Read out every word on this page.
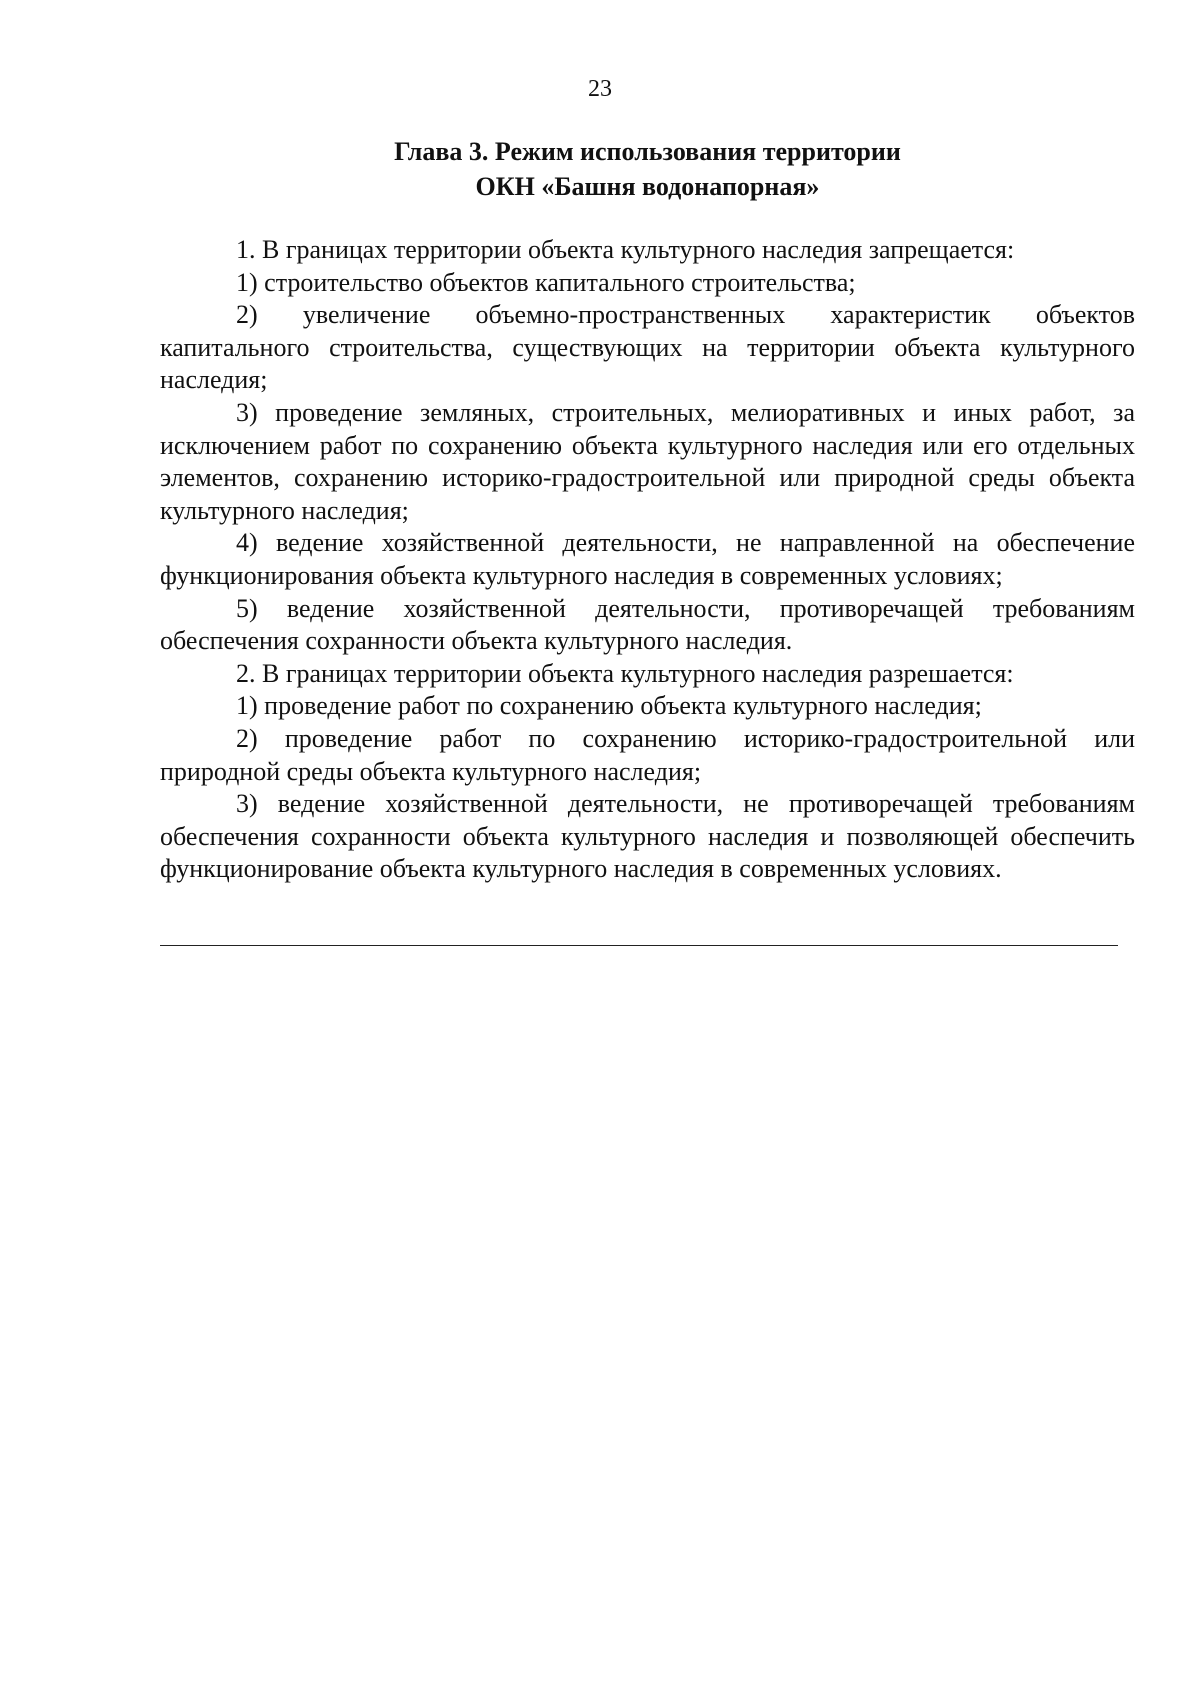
23
Глава 3. Режим использования территории
ОКН «Башня водонапорная»

1. В границах территории объекта культурного наследия запрещается:

1) строительство объектов капитального строительства;

2) увеличение объемно-пространственных характеристик объектов капитального строительства, существующих на территории объекта культурного наследия;

3) проведение земляных, строительных, мелиоративных и иных работ, за исключением работ по сохранению объекта культурного наследия или его отдельных элементов, сохранению историко-градостроительной или природной среды объекта культурного наследия;

4) ведение хозяйственной деятельности, не направленной на обеспечение функционирования объекта культурного наследия в современных условиях;

5) ведение хозяйственной деятельности, противоречащей требованиям обеспечения сохранности объекта культурного наследия.

2. В границах территории объекта культурного наследия разрешается:

1) проведение работ по сохранению объекта культурного наследия;

2) проведение работ по сохранению историко-градостроительной или природной среды объекта культурного наследия;

3) ведение хозяйственной деятельности, не противоречащей требованиям обеспечения сохранности объекта культурного наследия и позволяющей обеспечить функционирование объекта культурного наследия в современных условиях.
